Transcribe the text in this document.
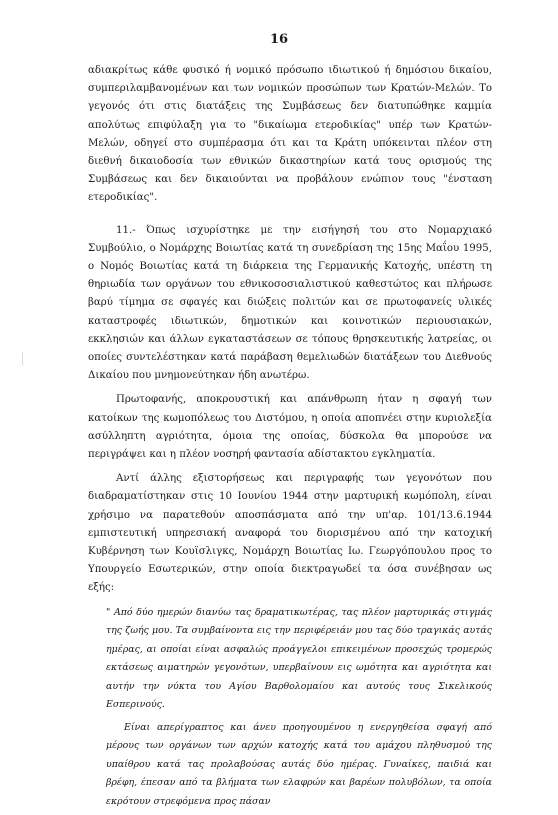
16

αδιακρίτως κάθε φυσικό ή νομικό πρόσωπο ιδιωτικού ή δημόσιου δικαίου, συμπεριλαμβανομένων και των νομικών προσώπων των Κρατών-Μελών. Το γεγονός ότι στις διατάξεις της Συμβάσεως δεν διατυπώθηκε καμμία απολύτως επιφύλαξη για το "δικαίωμα ετεροδικίας" υπέρ των Κρατών-Μελών, οδηγεί στο συμπέρασμα ότι και τα Κράτη υπόκεινται πλέον στη διεθνή δικαιοδοσία των εθνικών δικαστηρίων κατά τους ορισμούς της Συμβάσεως και δεν δικαιούνται να προβάλουν ενώπιον τους "ένσταση ετεροδικίας".

11.- Όπως ισχυρίστηκε με την εισήγησή του στο Νομαρχιακό Συμβούλιο, ο Νομάρχης Βοιωτίας κατά τη συνεδρίαση της 15ης Μαΐου 1995, ο Νομός Βοιωτίας κατά τη διάρκεια της Γερμανικής Κατοχής, υπέστη τη θηριωδία των οργάνων του εθνικοσοσιαλιστικού καθεστώτος και πλήρωσε βαρύ τίμημα σε σφαγές και διώξεις πολιτών και σε πρωτοφανείς υλικές καταστροφές ιδιωτικών, δημοτικών και κοινοτικών περιουσιακών, εκκλησιών και άλλων εγκαταστάσεων σε τόπους θρησκευτικής λατρείας, οι οποίες συντελέστηκαν κατά παράβαση θεμελιωδών διατάξεων του Διεθνούς Δικαίου που μνημονεύτηκαν ήδη ανωτέρω.

Πρωτοφανής, αποκρουστική και απάνθρωπη ήταν η σφαγή των κατοίκων της κωμοπόλεως του Διστόμου, η οποία αποπνέει στην κυριολεξία ασύλληπτη αγριότητα, όμοια της οποίας, δύσκολα θα μπορούσε να περιγράψει και η πλέον νοσηρή φαντασία αδίστακτου εγκληματία.

Αντί άλλης εξιστορήσεως και περιγραφής των γεγονότων που διαδραματίστηκαν στις 10 Ιουνίου 1944 στην μαρτυρική κωμόπολη, είναι χρήσιμο να παρατεθούν αποσπάσματα από την υπ'αρ. 101/13.6.1944 εμπιστευτική υπηρεσιακή αναφορά του διορισμένου από την κατοχική Κυβέρνηση των Κουϊσλιγκς, Νομάρχη Βοιωτίας Ιω. Γεωργόπουλου προς το Υπουργείο Εσωτερικών, στην οποία διεκτραγωδεί τα όσα συνέβησαν ως εξής:

" Από δύο ημερών διανύω τας δραματικωτέρας, τας πλέον μαρτυρικάς στιγμάς της ζωής μου. Τα συμβαίνοντα εις την περιφέρειάν μου τας δύο τραγικάς αυτάς ημέρας, αι οποίαι είναι ασφαλώς προάγγελοι επικειμένων προσεχώς τρομερώς εκτάσεως αιματηρών γεγονότων, υπερβαίνουν εις ωμότητα και αγριότητα και αυτήν την νύκτα του Αγίου Βαρθολομαίου και αυτούς τους Σικελικούς Εσπερινούς.

Είναι απερίγραπτος και άνευ προηγουμένου η ενεργηθείσα σφαγή από μέρους των οργάνων των αρχών κατοχής κατά του αμάχου πληθυσμού της υπαίθρου κατά τας προλαβούσας αυτάς δύο ημέρας. Γυναίκες, παιδιά και βρέφη, έπεσαν από τα βλήματα των ελαφρών και βαρέων πολυβόλων, τα οποία εκρότουν στρεφόμενα προς πάσαν
